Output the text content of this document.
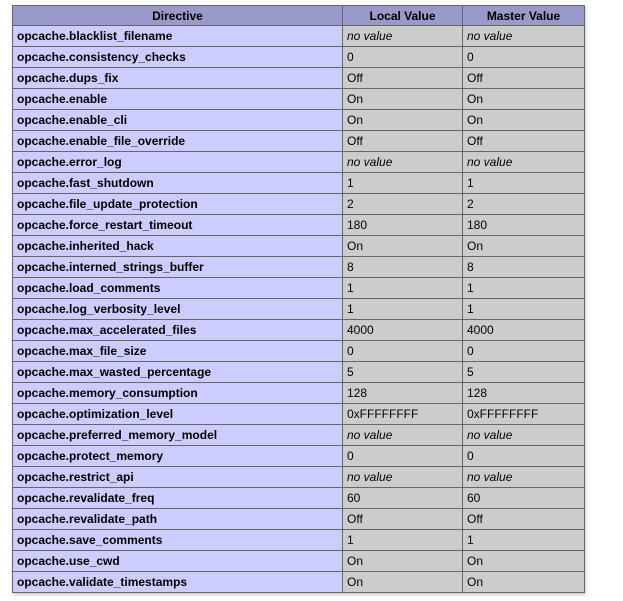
Directive	Local Value	Master Value
opcache.blacklist_filename	no value	no value
opcache.consistency_checks	0	0
opcache.dups_fix	Off	Off
opcache.enable	On	On
opcache.enable_cli	On	On
opcache.enable_file_override	Off	Off
opcache.error_log	no value	no value
opcache.fast_shutdown	1	1
opcache.file_update_protection	2	2
opcache.force_restart_timeout	180	180
opcache.inherited_hack	On	On
opcache.interned_strings_buffer	8	8
opcache.load_comments	1	1
opcache.log_verbosity_level	1	1
opcache.max_accelerated_files	4000	4000
opcache.max_file_size	0	0
opcache.max_wasted_percentage	5	5
opcache.memory_consumption	128	128
opcache.optimization_level	0xFFFFFFFF	0xFFFFFFFF
opcache.preferred_memory_model	no value	no value
opcache.protect_memory	0	0
opcache.restrict_api	no value	no value
opcache.revalidate_freq	60	60
opcache.revalidate_path	Off	Off
opcache.save_comments	1	1
opcache.use_cwd	On	On
opcache.validate_timestamps	On	On
